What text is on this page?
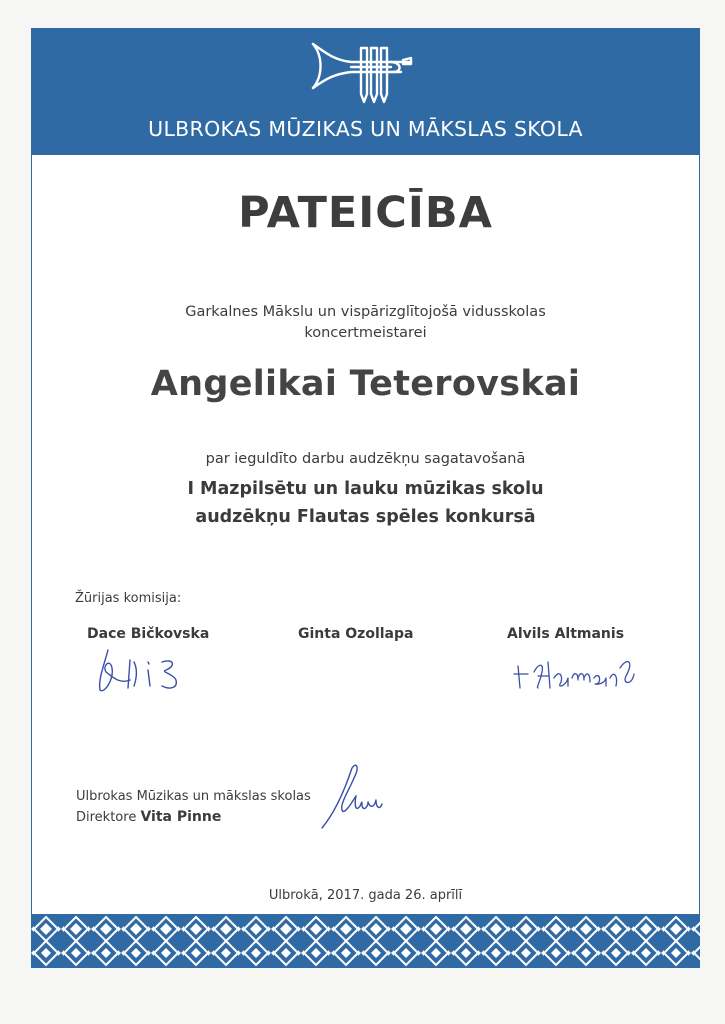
ULBROKAS MŪZIKAS UN MĀKSLAS SKOLA
PATEICĪBA
Garkalnes Mākslu un vispārizglītojošā vidusskolas
koncertmeistarei
Angelikai Teterovskai
par ieguldīto darbu audzēkņu sagatavošanā
I Mazpilsētu un lauku mūzikas skolu
audzēkņu Flautas spēles konkursā
Žūrijas komisija:
Dace Bičkovska	Ginta Ozollapa	Alvils Altmanis
Ulbrokas Mūzikas un mākslas skolas
Direktore Vita Pinne
Ulbrokā, 2017. gada 26. aprīlī
